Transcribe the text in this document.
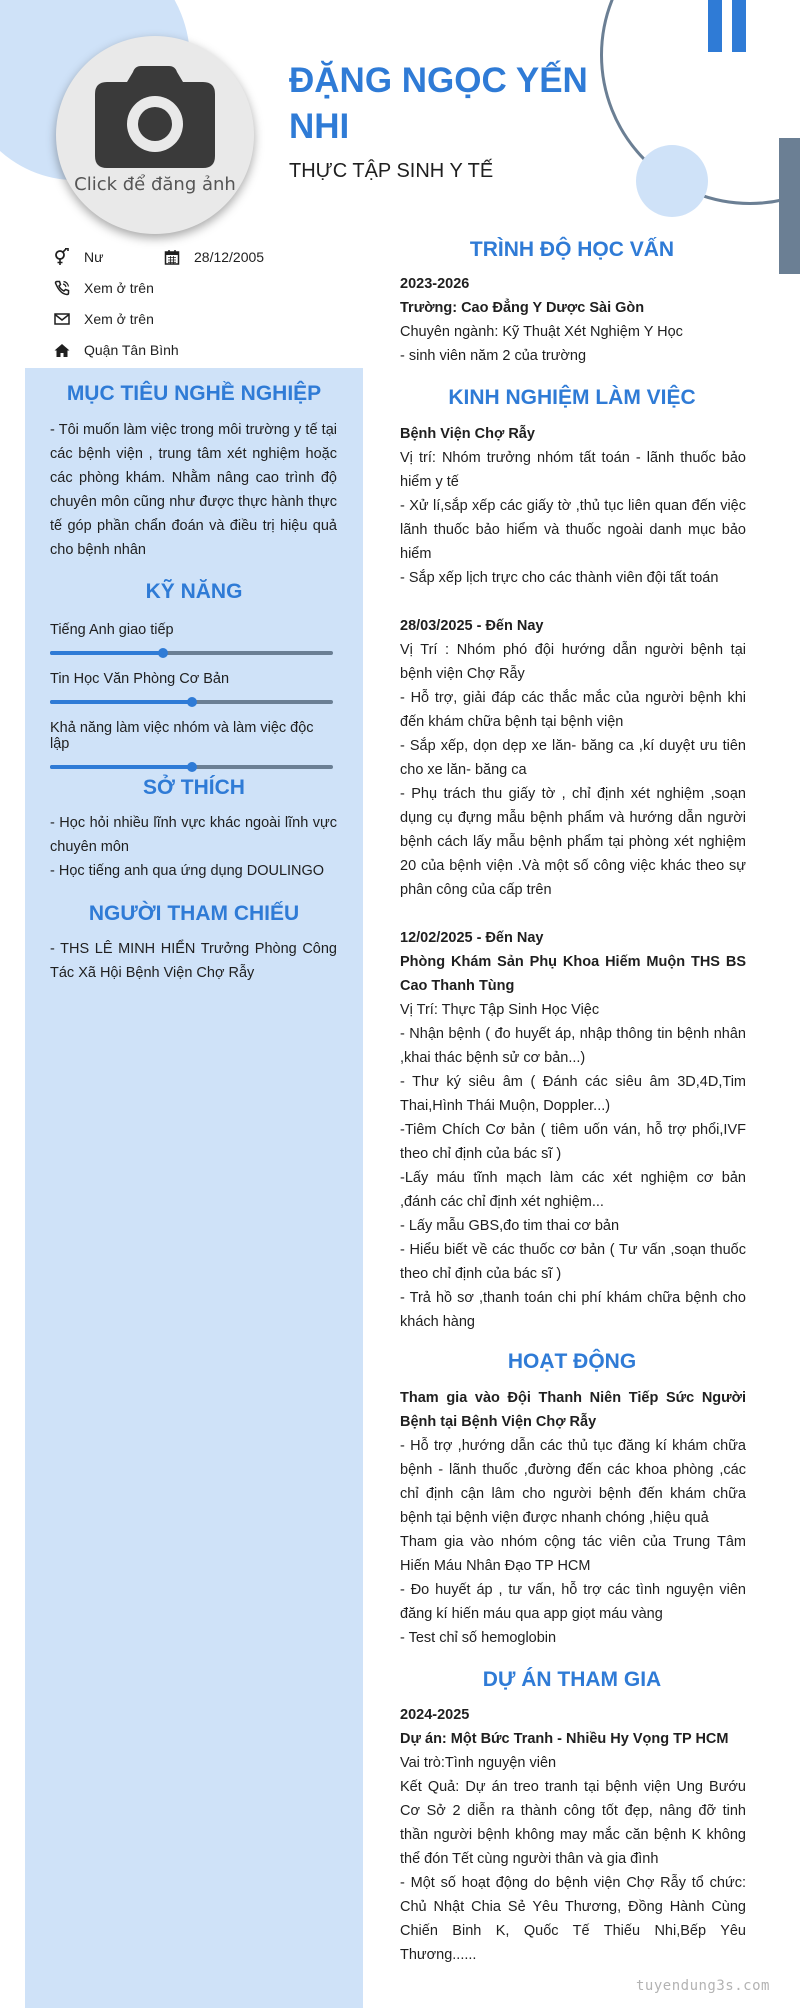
Click để đăng ảnh
ĐẶNG NGỌC YẾN NHI
THỰC TẬP SINH Y TẾ
Nư	28/12/2005
Xem ở trên
Xem ở trên
Quận Tân Bình
MỤC TIÊU NGHỀ NGHIỆP
- Tôi muốn làm việc trong môi trường y tế tại các bệnh viện , trung tâm xét nghiệm hoặc các phòng khám. Nhằm nâng cao trình độ chuyên môn cũng như được thực hành thực tế góp phần chẩn đoán và điều trị hiệu quả cho bệnh nhân
KỸ NĂNG
Tiếng Anh giao tiếp
Tin Học Văn Phòng Cơ Bản
Khả năng làm việc nhóm và làm việc độc lập
SỞ THÍCH

- Học hỏi nhiều lĩnh vực khác ngoài lĩnh vực chuyên môn

- Học tiếng anh qua ứng dụng DOULINGO

NGƯỜI THAM CHIẾU
- THS LÊ MINH HIỂN Trưởng Phòng Công Tác Xã Hội Bệnh Viện Chợ Rẫy
TRÌNH ĐỘ HỌC VẤN

2023-2026

Trường: Cao Đẳng Y Dược Sài Gòn

Chuyên ngành: Kỹ Thuật Xét Nghiệm Y Học

- sinh viên năm 2 của trường

KINH NGHIỆM LÀM VIỆC

Bệnh Viện Chợ Rẫy

Vị trí: Nhóm trưởng nhóm tất toán - lãnh thuốc bảo hiểm y tế

- Xử lí,sắp xếp các giấy tờ ,thủ tục liên quan đến việc lãnh thuốc bảo hiểm và thuốc ngoài danh mục bảo hiểm

- Sắp xếp lịch trực cho các thành viên đội tất toán

28/03/2025 - Đến Nay

Vị Trí : Nhóm phó đội hướng dẫn người bệnh tại bệnh viện Chợ Rẫy

- Hỗ trợ, giải đáp các thắc mắc của người bệnh khi đến khám chữa bệnh tại bệnh viện

- Sắp xếp, dọn dẹp xe lăn- băng ca ,kí duyệt ưu tiên cho xe lăn- băng ca

- Phụ trách thu giấy tờ , chỉ định xét nghiệm ,soạn dụng cụ đựng mẫu bệnh phẩm và hướng dẫn người bệnh cách lấy mẫu bệnh phẩm tại phòng xét nghiệm 20 của bệnh viện .Và một số công việc khác theo sự phân công của cấp trên

12/02/2025 - Đến Nay

Phòng Khám Sản Phụ Khoa Hiếm Muộn THS BS Cao Thanh Tùng

Vị Trí: Thực Tập Sinh Học Việc

- Nhận bệnh ( đo huyết áp, nhập thông tin bệnh nhân ,khai thác bệnh sử cơ bản...)

- Thư ký siêu âm ( Đánh các siêu âm 3D,4D,Tim Thai,Hình Thái Muộn, Doppler...)

-Tiêm Chích Cơ bản ( tiêm uốn ván, hỗ trợ phổi,IVF theo chỉ định của bác sĩ )

-Lấy máu tĩnh mạch làm các xét nghiệm cơ bản ,đánh các chỉ định xét nghiệm...

- Lấy mẫu GBS,đo tim thai cơ bản

- Hiểu biết về các thuốc cơ bản ( Tư vấn ,soạn thuốc theo chỉ định của bác sĩ )

- Trả hồ sơ ,thanh toán chi phí khám chữa bệnh cho khách hàng

HOẠT ĐỘNG

Tham gia vào Đội Thanh Niên Tiếp Sức Người Bệnh tại Bệnh Viện Chợ Rẫy

- Hỗ trợ ,hướng dẫn các thủ tục đăng kí khám chữa bệnh - lãnh thuốc ,đường đến các khoa phòng ,các chỉ định cận lâm cho người bệnh đến khám chữa bệnh tại bệnh viện được nhanh chóng ,hiệu quả

Tham gia vào nhóm cộng tác viên của Trung Tâm Hiến Máu Nhân Đạo TP HCM

- Đo huyết áp , tư vấn, hỗ trợ các tình nguyện viên đăng kí hiến máu qua app giọt máu vàng

- Test chỉ số hemoglobin

DỰ ÁN THAM GIA

2024-2025

Dự án: Một Bức Tranh - Nhiều Hy Vọng TP HCM

Vai trò:Tình nguyện viên

Kết Quả: Dự án treo tranh tại bệnh viện Ung Bướu Cơ Sở 2 diễn ra thành công tốt đẹp, nâng đỡ tinh thần người bệnh không may mắc căn bệnh K không thể đón Tết cùng người thân và gia đình

- Một số hoạt động do bệnh viện Chợ Rẫy tổ chức: Chủ Nhật Chia Sẻ Yêu Thương, Đồng Hành Cùng Chiến Binh K, Quốc Tế Thiếu Nhi,Bếp Yêu Thương......

tuyendung3s.com
